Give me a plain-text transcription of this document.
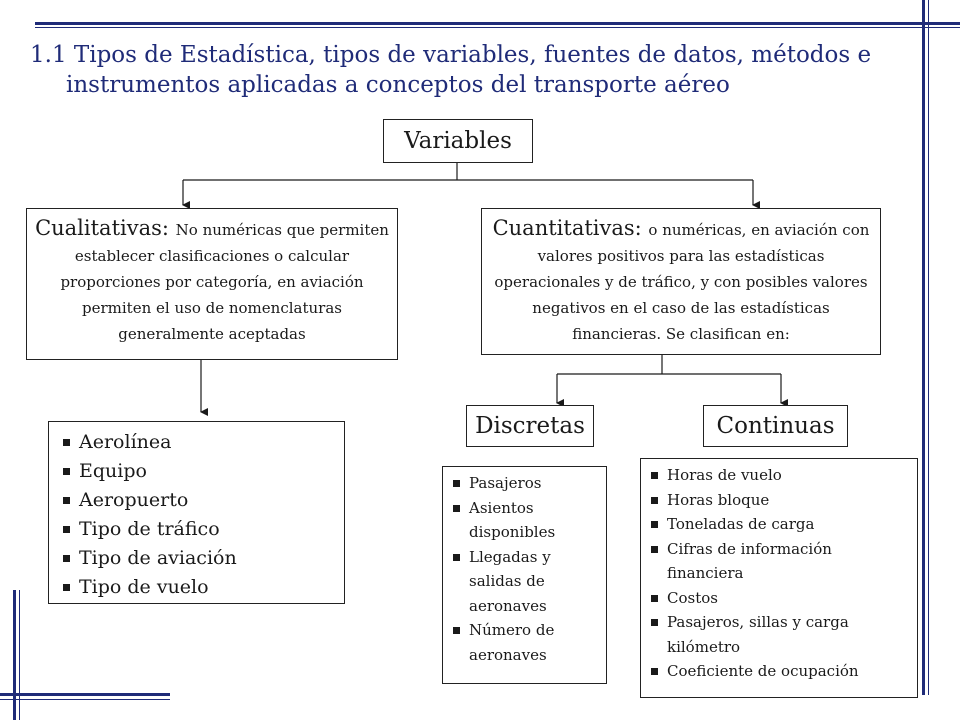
1.1 Tipos de Estadística, tipos de variables, fuentes de datos, métodos e
instrumentos aplicadas a conceptos del transporte aéreo
Variables
Cualitativas: No numéricas que permiten establecer clasificaciones o calcular proporciones por categoría, en aviación permiten el uso de nomenclaturas generalmente aceptadas
Cuantitativas: o numéricas, en aviación con valores positivos para las estadísticas operacionales y de tráfico, y con posibles valores negativos en el caso de las estadísticas financieras. Se clasifican en:
Aerolínea
Equipo
Aeropuerto
Tipo de tráfico
Tipo de aviación
Tipo de vuelo
Discretas
Pasajeros
Asientos disponibles
Llegadas y salidas de aeronaves
Número de aeronaves
Continuas
Horas de vuelo
Horas bloque
Toneladas de carga
Cifras de información financiera
Costos
Pasajeros, sillas y carga kilómetro
Coeficiente de ocupación
